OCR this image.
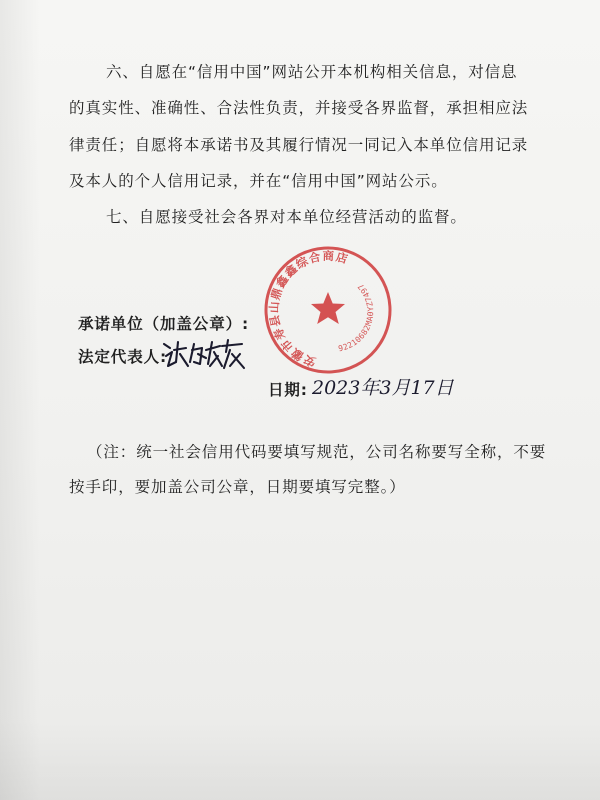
六、自愿在“信用中国”网站公开本机构相关信息，对信息
的真实性、准确性、合法性负责，并接受各界监督，承担相应法
律责任；自愿将本承诺书及其履行情况一同记入本单位信用记录
及本人的个人信用记录，并在“信用中国”网站公示。
七、自愿接受社会各界对本单位经营活动的监督。
安徽市寿县山鼎鑫鑫综合商店
92210682MA0YZ7497
承诺单位（加盖公章）:
法定代表人:
日期: 2023年3月17日
（注：统一社会信用代码要填写规范，公司名称要写全称，不要
按手印，要加盖公司公章，日期要填写完整。）
